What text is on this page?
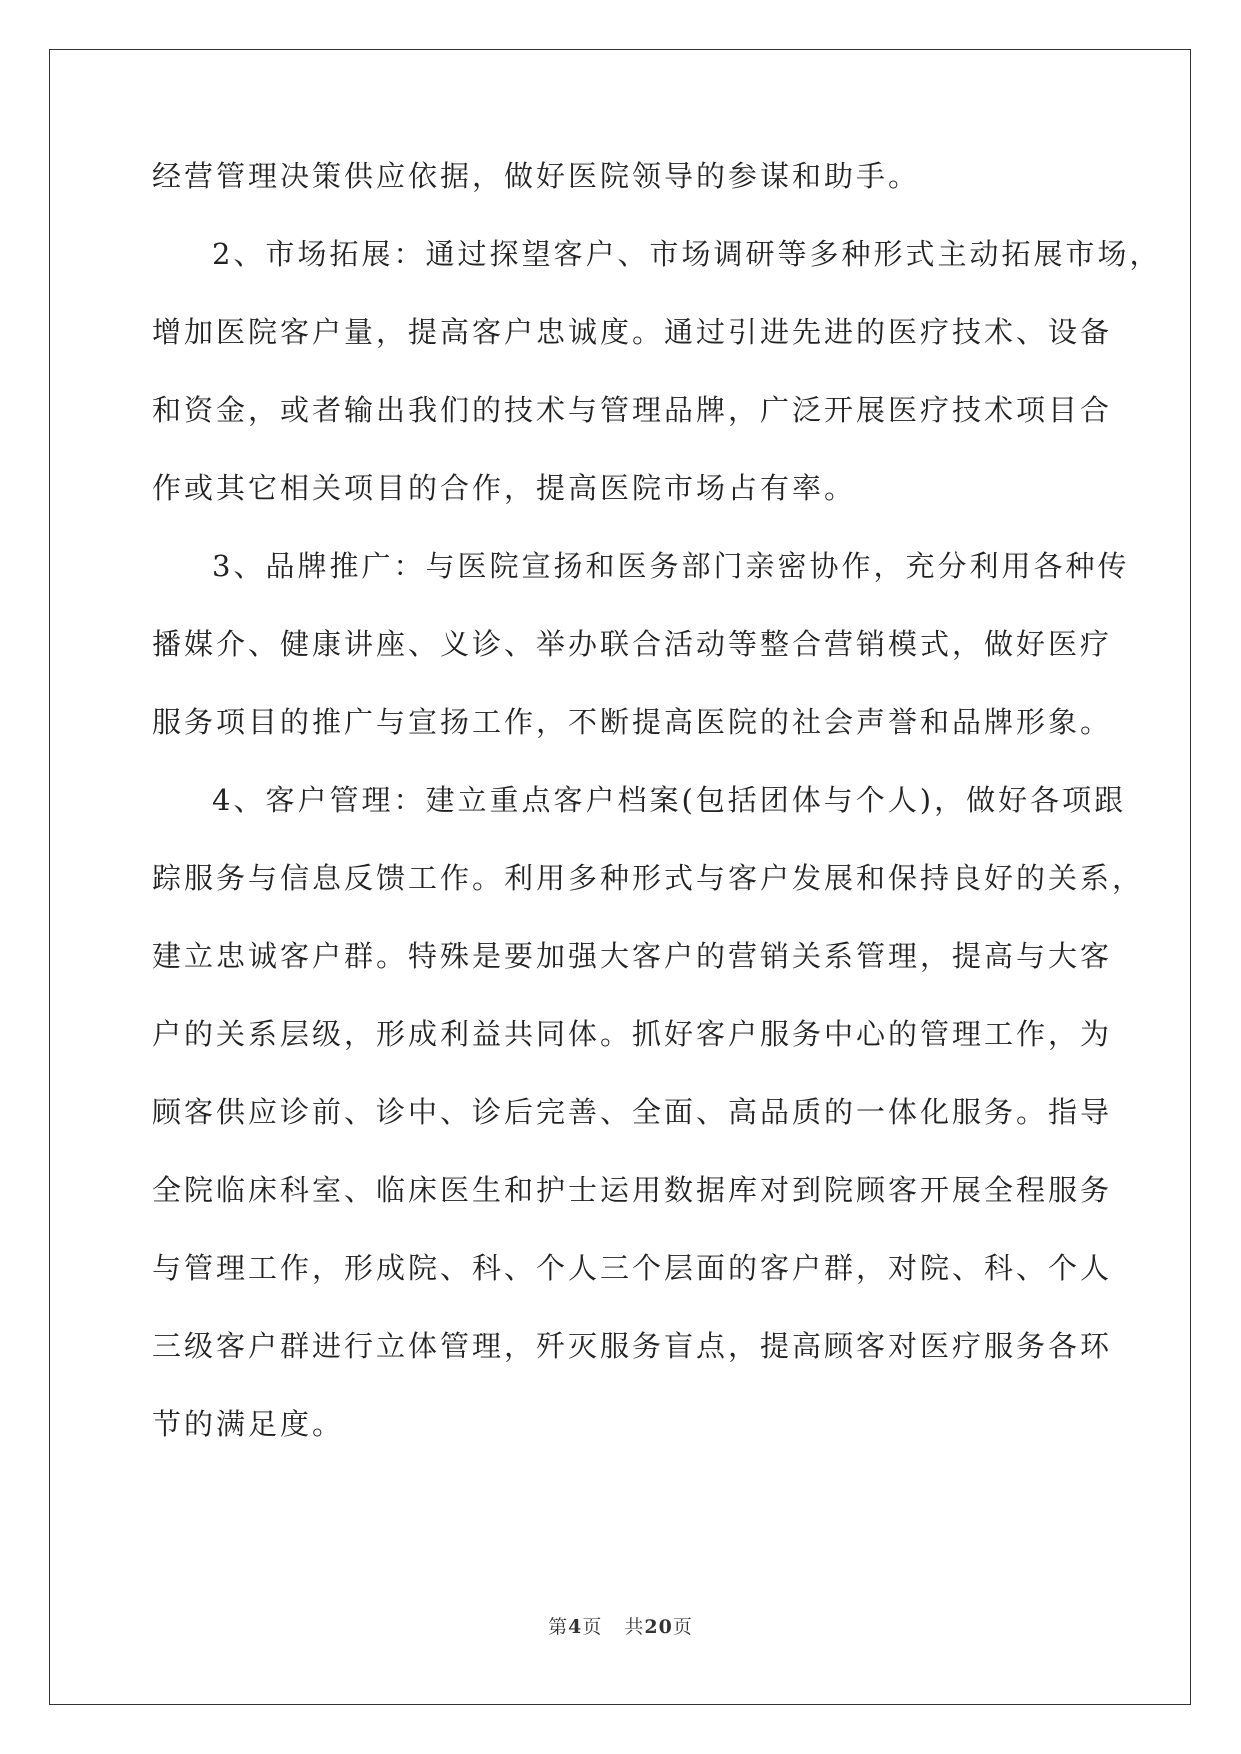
经营管理决策供应依据，做好医院领导的参谋和助手。
2、市场拓展：通过探望客户、市场调研等多种形式主动拓展市场，
增加医院客户量，提高客户忠诚度。通过引进先进的医疗技术、设备
和资金，或者输出我们的技术与管理品牌，广泛开展医疗技术项目合
作或其它相关项目的合作，提高医院市场占有率。
3、品牌推广：与医院宣扬和医务部门亲密协作，充分利用各种传
播媒介、健康讲座、义诊、举办联合活动等整合营销模式，做好医疗
服务项目的推广与宣扬工作，不断提高医院的社会声誉和品牌形象。
4、客户管理：建立重点客户档案(包括团体与个人)，做好各项跟
踪服务与信息反馈工作。利用多种形式与客户发展和保持良好的关系，
建立忠诚客户群。特殊是要加强大客户的营销关系管理，提高与大客
户的关系层级，形成利益共同体。抓好客户服务中心的管理工作，为
顾客供应诊前、诊中、诊后完善、全面、高品质的一体化服务。指导
全院临床科室、临床医生和护士运用数据库对到院顾客开展全程服务
与管理工作，形成院、科、个人三个层面的客户群，对院、科、个人
三级客户群进行立体管理，歼灭服务盲点，提高顾客对医疗服务各环
节的满足度。
第4页 共20页
